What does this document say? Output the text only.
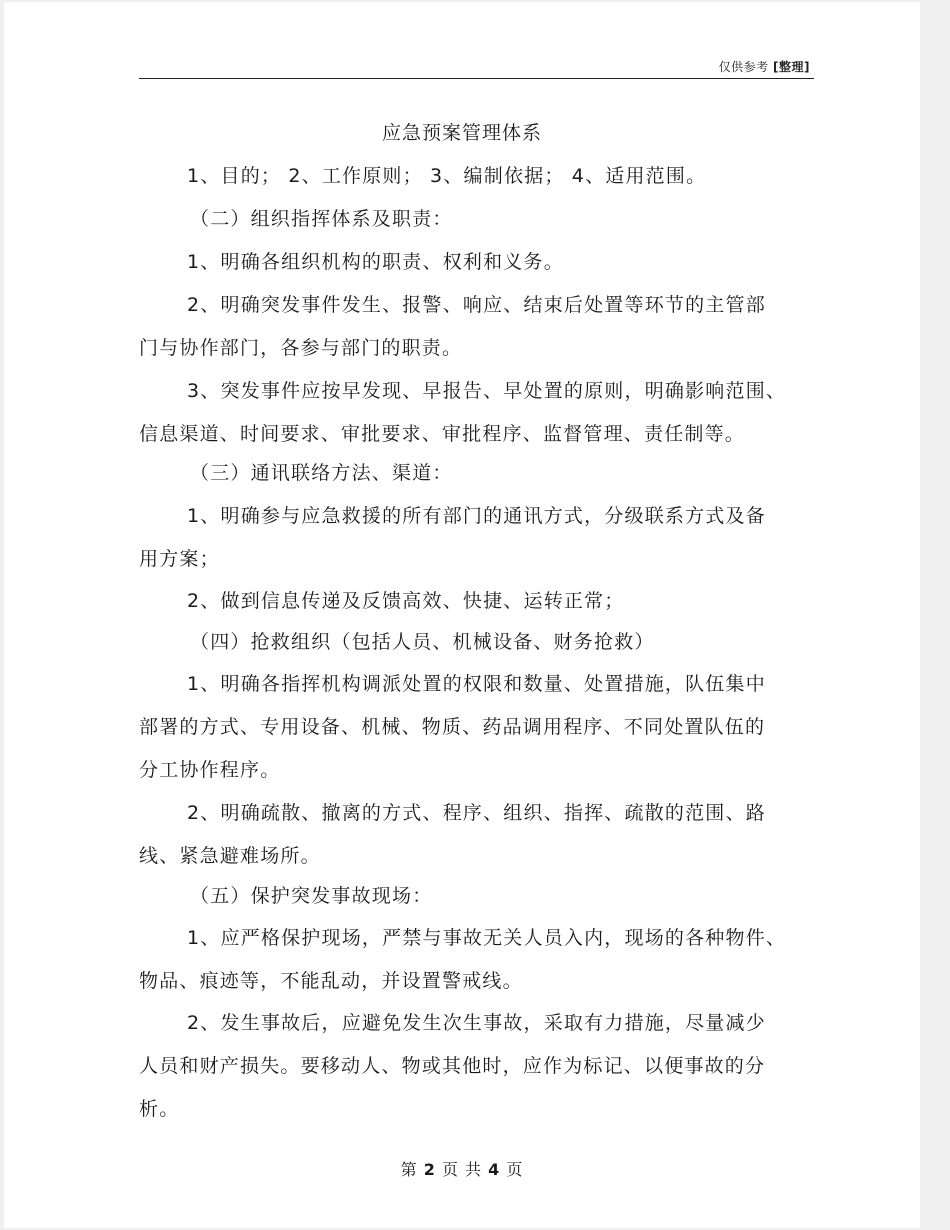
仅供参考 [整理]
应急预案管理体系
1、目的； 2、工作原则； 3、编制依据； 4、适用范围。
（二）组织指挥体系及职责：
1、明确各组织机构的职责、权利和义务。
2、明确突发事件发生、报警、响应、结束后处置等环节的主管部
门与协作部门，各参与部门的职责。
3、突发事件应按早发现、早报告、早处置的原则，明确影响范围、
信息渠道、时间要求、审批要求、审批程序、监督管理、责任制等。
（三）通讯联络方法、渠道：
1、明确参与应急救援的所有部门的通讯方式，分级联系方式及备
用方案；
2、做到信息传递及反馈高效、快捷、运转正常；
（四）抢救组织（包括人员、机械设备、财务抢救）
1、明确各指挥机构调派处置的权限和数量、处置措施，队伍集中
部署的方式、专用设备、机械、物质、药品调用程序、不同处置队伍的
分工协作程序。
2、明确疏散、撤离的方式、程序、组织、指挥、疏散的范围、路
线、紧急避难场所。
（五）保护突发事故现场：
1、应严格保护现场，严禁与事故无关人员入内，现场的各种物件、
物品、痕迹等，不能乱动，并设置警戒线。
2、发生事故后，应避免发生次生事故，采取有力措施，尽量减少
人员和财产损失。要移动人、物或其他时，应作为标记、以便事故的分
析。
第 2 页 共 4 页
